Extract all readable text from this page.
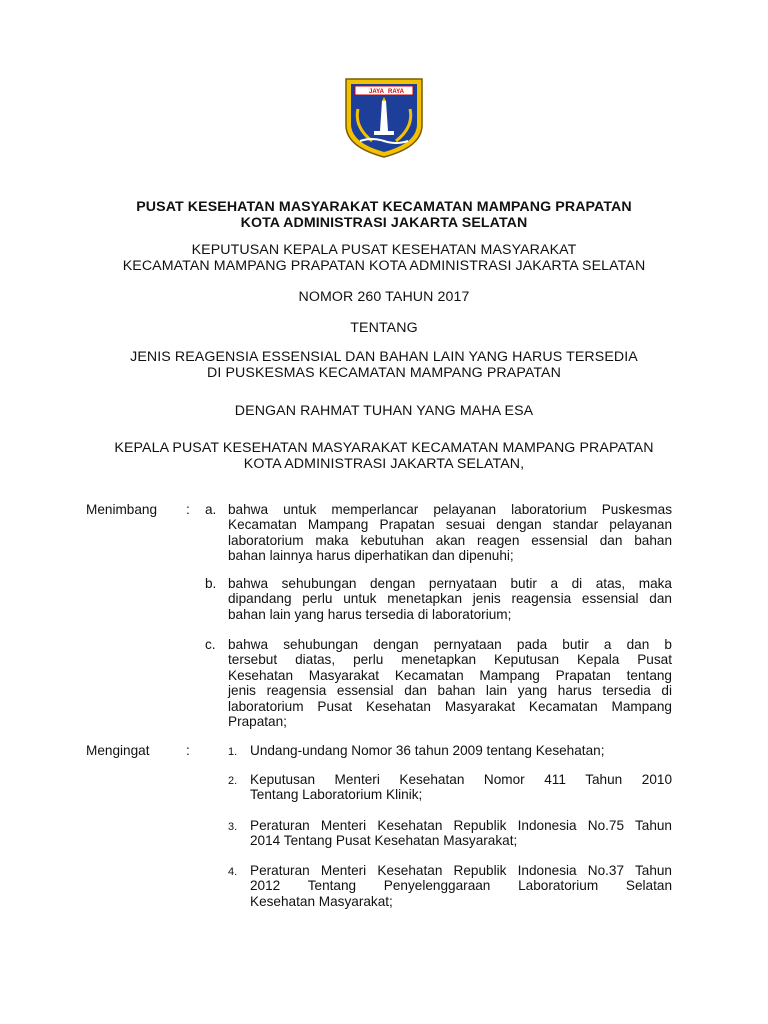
JAYA RAYA
PUSAT KESEHATAN MASYARAKAT KECAMATAN MAMPANG PRAPATAN
KOTA ADMINISTRASI JAKARTA SELATAN
KEPUTUSAN KEPALA PUSAT KESEHATAN MASYARAKAT
KECAMATAN MAMPANG PRAPATAN KOTA ADMINISTRASI JAKARTA SELATAN
NOMOR 260 TAHUN 2017
TENTANG
JENIS REAGENSIA ESSENSIAL DAN BAHAN LAIN YANG HARUS TERSEDIA
DI PUSKESMAS KECAMATAN MAMPANG PRAPATAN
DENGAN RAHMAT TUHAN YANG MAHA ESA
KEPALA PUSAT KESEHATAN MASYARAKAT KECAMATAN MAMPANG PRAPATAN
KOTA ADMINISTRASI JAKARTA SELATAN,
Menimbang : a. bahwa untuk memperlancar pelayanan laboratorium Puskesmas
Kecamatan Mampang Prapatan sesuai dengan standar pelayanan
laboratorium maka kebutuhan akan reagen essensial dan bahan
bahan lainnya harus diperhatikan dan dipenuhi;
b. bahwa sehubungan dengan pernyataan butir a di atas, maka
dipandang perlu untuk menetapkan jenis reagensia essensial dan
bahan lain yang harus tersedia di laboratorium;
c. bahwa sehubungan dengan pernyataan pada butir a dan b
tersebut diatas, perlu menetapkan Keputusan Kepala Pusat
Kesehatan Masyarakat Kecamatan Mampang Prapatan tentang
jenis reagensia essensial dan bahan lain yang harus tersedia di
laboratorium Pusat Kesehatan Masyarakat Kecamatan Mampang
Prapatan;
Mengingat	:	1. Undang-undang Nomor 36 tahun 2009 tentang Kesehatan;
2. Keputusan Menteri Kesehatan Nomor 411 Tahun 2010
Tentang Laboratorium Klinik;
3. Peraturan Menteri Kesehatan Republik Indonesia No.75 Tahun
2014 Tentang Pusat Kesehatan Masyarakat;
4. Peraturan Menteri Kesehatan Republik Indonesia No.37 Tahun
2012 Tentang Penyelenggaraan Laboratorium Selatan
Kesehatan Masyarakat;
